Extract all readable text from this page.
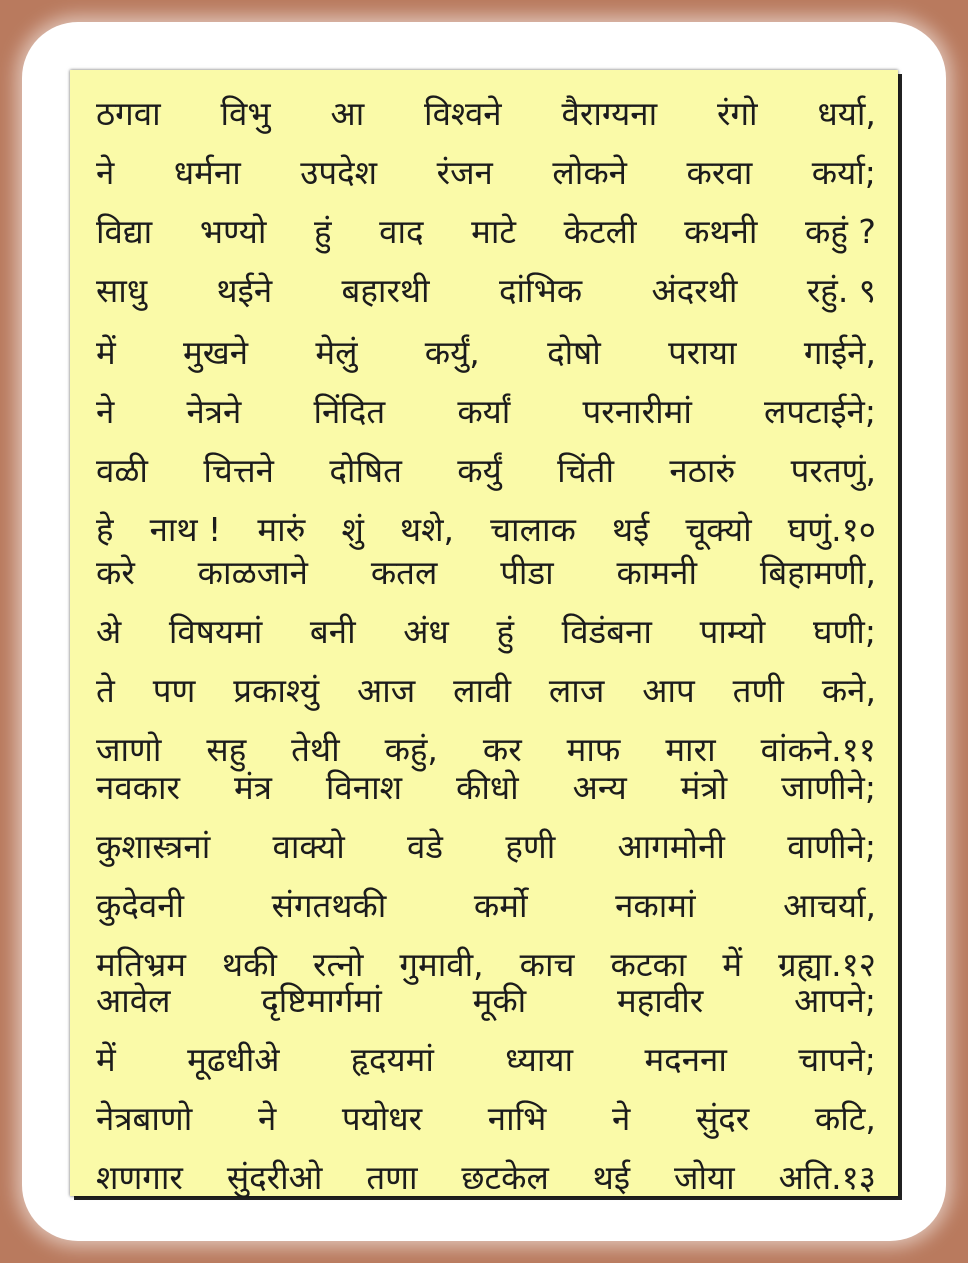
ठगवा विभु आ विश्वने वैराग्यना रंगो धर्या,
ने धर्मना उपदेश रंजन लोकने करवा कर्या;
विद्या भण्यो हुं वाद माटे केटली कथनी कहुं ?
साधु थईने बहारथी दांभिक अंदरथी रहुं. ९
में मुखने मेलुं कर्युं, दोषो पराया गाईने,
ने नेत्रने निंदित कर्यां परनारीमां लपटाईने;
वळी चित्तने दोषित कर्युं चिंती नठारुं परतणुं,
हे नाथ ! मारुं शुं थशे, चालाक थई चूक्यो घणुं.१०
करे काळजाने कतल पीडा कामनी बिहामणी,
अे विषयमां बनी अंध हुं विडंबना पाम्यो घणी;
ते पण प्रकाश्युं आज लावी लाज आप तणी कने,
जाणो सहु तेथी कहुं, कर माफ मारा वांकने.११
नवकार मंत्र विनाश कीधो अन्य मंत्रो जाणीने;
कुशास्त्रनां वाक्यो वडे हणी आगमोनी वाणीने;
कुदेवनी	संगतथकी	कर्मो	नकामां	आचर्या,
मतिभ्रम थकी रत्नो गुमावी, काच कटका में ग्रह्या.१२
आवेल	दृष्टिमार्गमां	मूकी	महावीर	आपने;
में मूढधीअे हृदयमां ध्याया मदनना चापने;
नेत्रबाणो ने पयोधर नाभि ने सुंदर कटि,
शणगार सुंदरीओ तणा छटकेल थई जोया अति.१३
